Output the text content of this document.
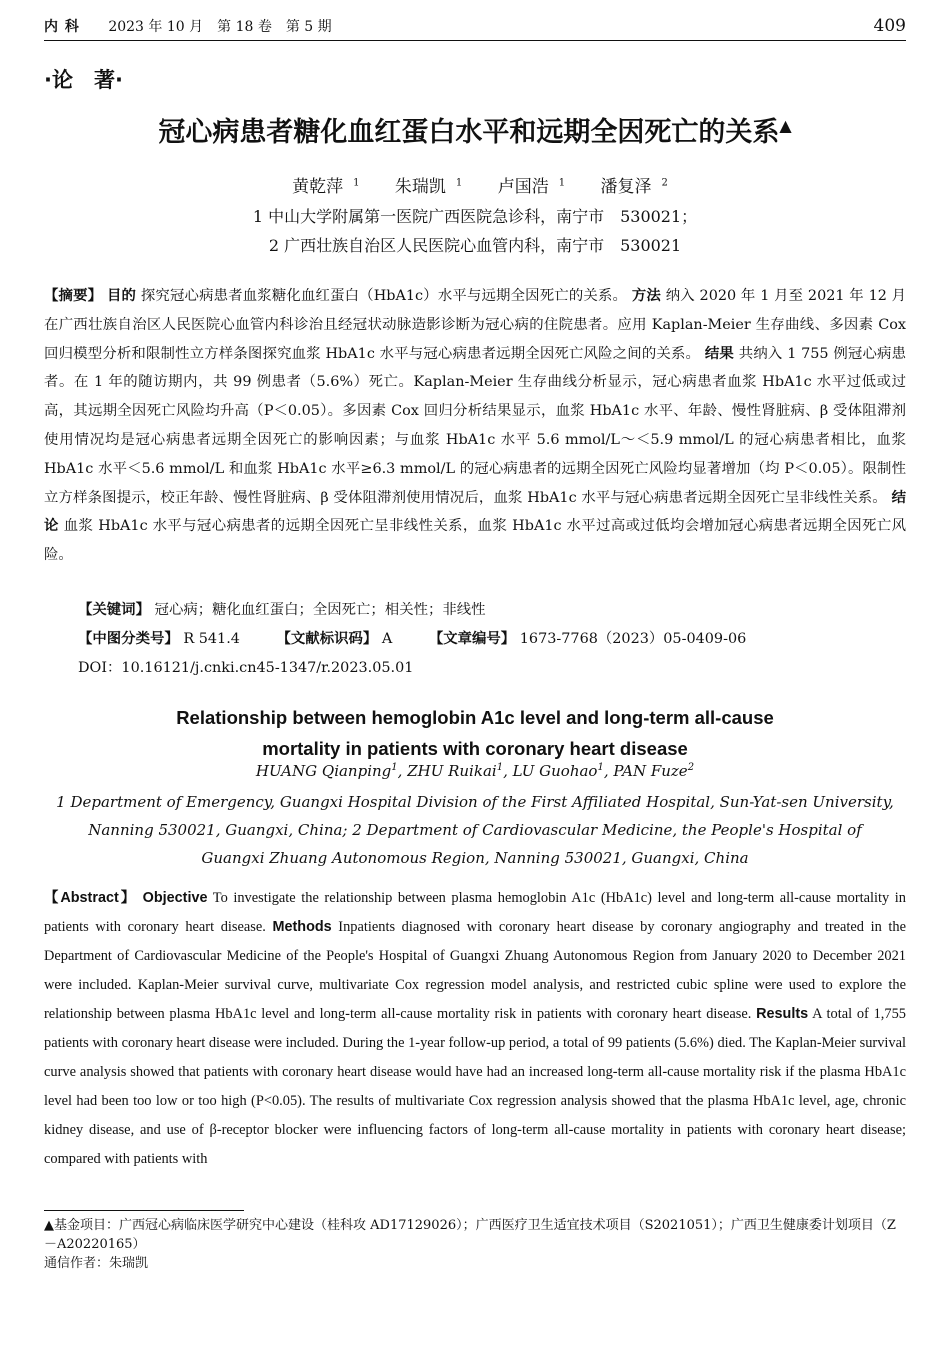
内 科 2023 年 10 月　第 18 卷　第 5 期	409
·论　著·
冠心病患者糖化血红蛋白水平和远期全因死亡的关系▲
黄乾萍 $^1$ 朱瑞凯 $^1$ 卢国浩 $^1$ 潘复泽 $^2$
1 中山大学附属第一医院广西医院急诊科，南宁市　530021；
2 广西壮族自治区人民医院心血管内科，南宁市　530021
【摘要】 目的 探究冠心病患者血浆糖化血红蛋白（HbA1c）水平与远期全因死亡的关系。 方法 纳入 2020 年 1 月至 2021 年 12 月在广西壮族自治区人民医院心血管内科诊治且经冠状动脉造影诊断为冠心病的住院患者。应用 Kaplan-Meier 生存曲线、多因素 Cox 回归模型分析和限制性立方样条图探究血浆 HbA1c 水平与冠心病患者远期全因死亡风险之间的关系。 结果 共纳入 1 755 例冠心病患者。在 1 年的随访期内，共 99 例患者（5.6%）死亡。Kaplan-Meier 生存曲线分析显示，冠心病患者血浆 HbA1c 水平过低或过高，其远期全因死亡风险均升高（P＜0.05）。多因素 Cox 回归分析结果显示，血浆 HbA1c 水平、年龄、慢性肾脏病、β 受体阻滞剂使用情况均是冠心病患者远期全因死亡的影响因素；与血浆 HbA1c 水平 5.6 mmol/L～＜5.9 mmol/L 的冠心病患者相比，血浆 HbA1c 水平＜5.6 mmol/L 和血浆 HbA1c 水平≥6.3 mmol/L 的冠心病患者的远期全因死亡风险均显著增加（均 P＜0.05）。限制性立方样条图提示，校正年龄、慢性肾脏病、β 受体阻滞剂使用情况后，血浆 HbA1c 水平与冠心病患者远期全因死亡呈非线性关系。 结论 血浆 HbA1c 水平与冠心病患者的远期全因死亡呈非线性关系，血浆 HbA1c 水平过高或过低均会增加冠心病患者远期全因死亡风险。
【关键词】 冠心病；糖化血红蛋白；全因死亡；相关性；非线性
【中图分类号】 R 541.4	【文献标识码】 A	【文章编号】 1673-7768（2023）05-0409-06
DOI：10.16121/j.cnki.cn45-1347/r.2023.05.01
Relationship between hemoglobin A1c level and long-term all-cause
mortality in patients with coronary heart disease
HUANG Qianping$^1$, ZHU Ruikai$^1$, LU Guohao$^1$, PAN Fuze$^2$
1 Department of Emergency, Guangxi Hospital Division of the First Affiliated Hospital, Sun-Yat-sen University,
Nanning 530021, Guangxi, China; 2 Department of Cardiovascular Medicine, the People's Hospital of
Guangxi Zhuang Autonomous Region, Nanning 530021, Guangxi, China
【Abstract】 Objective To investigate the relationship between plasma hemoglobin A1c (HbA1c) level and long-term all-cause mortality in patients with coronary heart disease. Methods Inpatients diagnosed with coronary heart disease by coronary angiography and treated in the Department of Cardiovascular Medicine of the People's Hospital of Guangxi Zhuang Autonomous Region from January 2020 to December 2021 were included. Kaplan-Meier survival curve, multivariate Cox regression model analysis, and restricted cubic spline were used to explore the relationship between plasma HbA1c level and long-term all-cause mortality risk in patients with coronary heart disease. Results A total of 1,755 patients with coronary heart disease were included. During the 1-year follow-up period, a total of 99 patients (5.6%) died. The Kaplan-Meier survival curve analysis showed that patients with coronary heart disease would have had an increased long-term all-cause mortality risk if the plasma HbA1c level had been too low or too high (P<0.05). The results of multivariate Cox regression analysis showed that the plasma HbA1c level, age, chronic kidney disease, and use of β-receptor blocker were influencing factors of long-term all-cause mortality in patients with coronary heart disease; compared with patients with
▲基金项目：广西冠心病临床医学研究中心建设（桂科攻 AD17129026）；广西医疗卫生适宜技术项目（S2021051）；广西卫生健康委计划项目（Z－A20220165）
通信作者：朱瑞凯
